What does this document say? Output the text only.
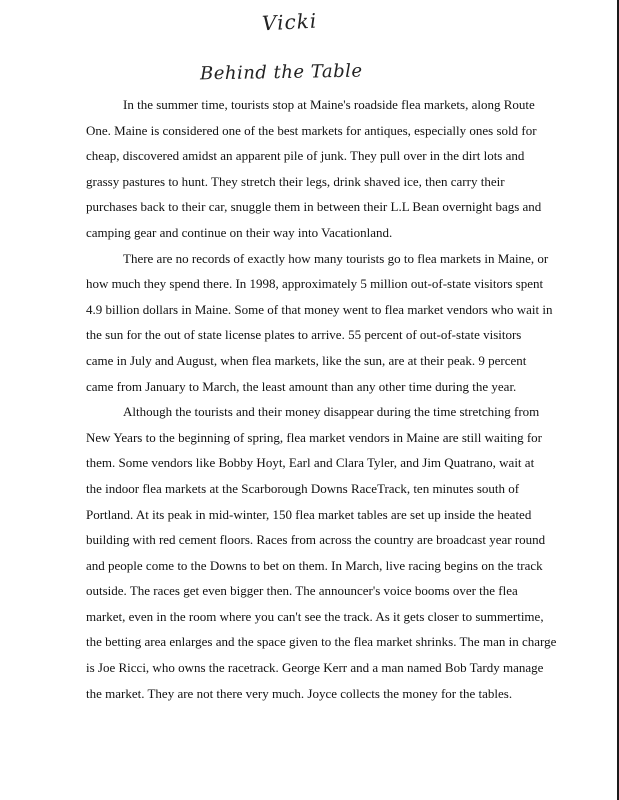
Vicki
Behind the Table

In the summer time, tourists stop at Maine's roadside flea markets, along Route
One. Maine is considered one of the best markets for antiques, especially ones sold for
cheap, discovered amidst an apparent pile of junk. They pull over in the dirt lots and
grassy pastures to hunt. They stretch their legs, drink shaved ice, then carry their
purchases back to their car, snuggle them in between their L.L Bean overnight bags and
camping gear and continue on their way into Vacationland.

There are no records of exactly how many tourists go to flea markets in Maine, or
how much they spend there. In 1998, approximately 5 million out-of-state visitors spent
4.9 billion dollars in Maine. Some of that money went to flea market vendors who wait in
the sun for the out of state license plates to arrive. 55 percent of out-of-state visitors
came in July and August, when flea markets, like the sun, are at their peak. 9 percent
came from January to March, the least amount than any other time during the year.

Although the tourists and their money disappear during the time stretching from
New Years to the beginning of spring, flea market vendors in Maine are still waiting for
them. Some vendors like Bobby Hoyt, Earl and Clara Tyler, and Jim Quatrano, wait at
the indoor flea markets at the Scarborough Downs RaceTrack, ten minutes south of
Portland. At its peak in mid-winter, 150 flea market tables are set up inside the heated
building with red cement floors. Races from across the country are broadcast year round
and people come to the Downs to bet on them. In March, live racing begins on the track
outside. The races get even bigger then. The announcer's voice booms over the flea
market, even in the room where you can't see the track. As it gets closer to summertime,
the betting area enlarges and the space given to the flea market shrinks. The man in charge
is Joe Ricci, who owns the racetrack. George Kerr and a man named Bob Tardy manage
the market. They are not there very much. Joyce collects the money for the tables.
